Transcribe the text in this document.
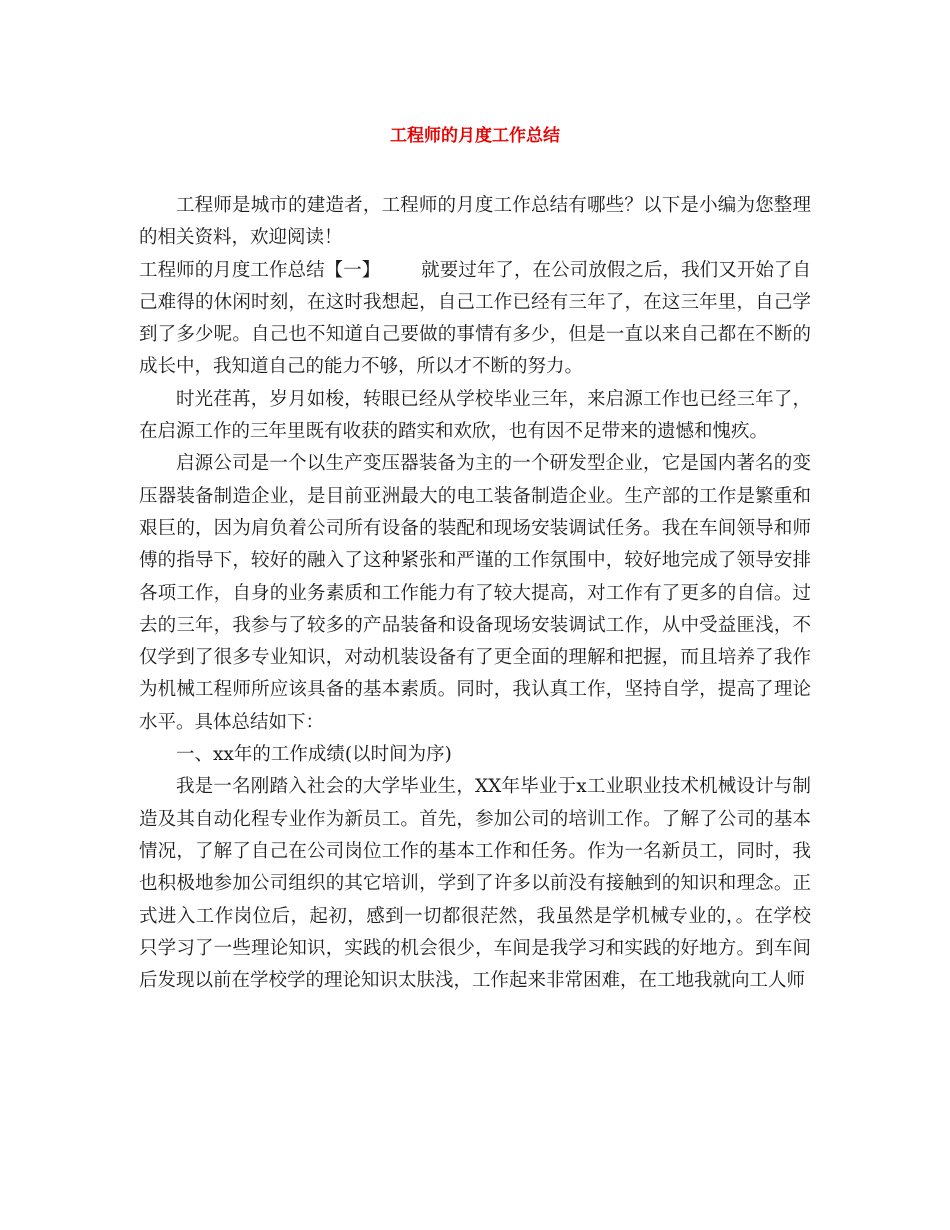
工程师的月度工作总结

工程师是城市的建造者，工程师的月度工作总结有哪些？以下是小编为您整理的相关资料，欢迎阅读！

工程师的月度工作总结【一】 就要过年了，在公司放假之后，我们又开始了自己难得的休闲时刻，在这时我想起，自己工作已经有三年了，在这三年里，自己学到了多少呢。自己也不知道自己要做的事情有多少，但是一直以来自己都在不断的成长中，我知道自己的能力不够，所以才不断的努力。

时光荏苒，岁月如梭，转眼已经从学校毕业三年，来启源工作也已经三年了，在启源工作的三年里既有收获的踏实和欢欣，也有因不足带来的遗憾和愧疚。

启源公司是一个以生产变压器装备为主的一个研发型企业，它是国内著名的变压器装备制造企业，是目前亚洲最大的电工装备制造企业。生产部的工作是繁重和艰巨的，因为肩负着公司所有设备的装配和现场安装调试任务。我在车间领导和师傅的指导下，较好的融入了这种紧张和严谨的工作氛围中，较好地完成了领导安排各项工作，自身的业务素质和工作能力有了较大提高，对工作有了更多的自信。过去的三年，我参与了较多的产品装备和设备现场安装调试工作，从中受益匪浅，不仅学到了很多专业知识，对动机装设备有了更全面的理解和把握，而且培养了我作为机械工程师所应该具备的基本素质。同时，我认真工作，坚持自学，提高了理论水平。具体总结如下：

一、xx年的工作成绩(以时间为序)

我是一名刚踏入社会的大学毕业生，XX年毕业于x工业职业技术机械设计与制造及其自动化程专业作为新员工。首先，参加公司的培训工作。了解了公司的基本情况，了解了自己在公司岗位工作的基本工作和任务。作为一名新员工，同时，我也积极地参加公司组织的其它培训，学到了许多以前没有接触到的知识和理念。正式进入工作岗位后，起初，感到一切都很茫然，我虽然是学机械专业的，。在学校只学习了一些理论知识，实践的机会很少，车间是我学习和实践的好地方。到车间后发现以前在学校学的理论知识太肤浅，工作起来非常困难，在工地我就向工人师
